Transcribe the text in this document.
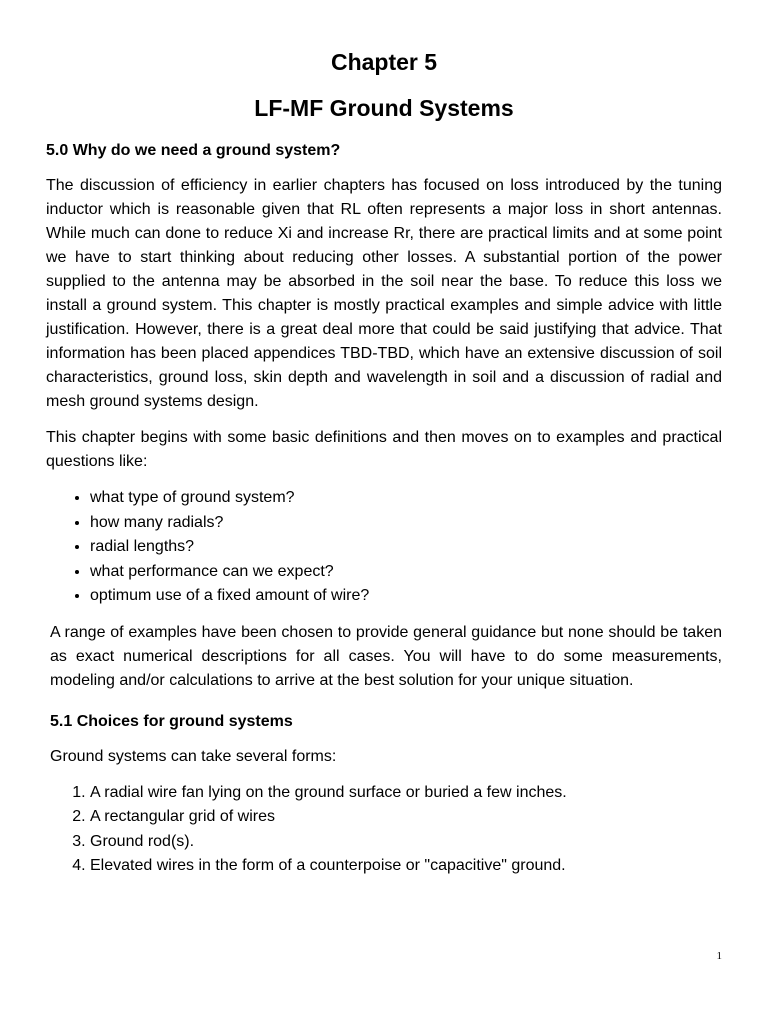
Chapter 5
LF-MF Ground Systems
5.0 Why do we need a ground system?

The discussion of efficiency in earlier chapters has focused on loss introduced by the tuning inductor which is reasonable given that RL often represents a major loss in short antennas. While much can done to reduce Xi and increase Rr, there are practical limits and at some point we have to start thinking about reducing other losses. A substantial portion of the power supplied to the antenna may be absorbed in the soil near the base. To reduce this loss we install a ground system. This chapter is mostly practical examples and simple advice with little justification. However, there is a great deal more that could be said justifying that advice. That information has been placed appendices TBD-TBD, which have an extensive discussion of soil characteristics, ground loss, skin depth and wavelength in soil and a discussion of radial and mesh ground systems design.

This chapter begins with some basic definitions and then moves on to examples and practical questions like:

• what type of ground system?
• how many radials?
• radial lengths?
• what performance can we expect?
• optimum use of a fixed amount of wire?

A range of examples have been chosen to provide general guidance but none should be taken as exact numerical descriptions for all cases. You will have to do some measurements, modeling and/or calculations to arrive at the best solution for your unique situation.

5.1 Choices for ground systems

Ground systems can take several forms:

1. A radial wire fan lying on the ground surface or buried a few inches.
2. A rectangular grid of wires
3. Ground rod(s).
4. Elevated wires in the form of a counterpoise or "capacitive" ground.
1
